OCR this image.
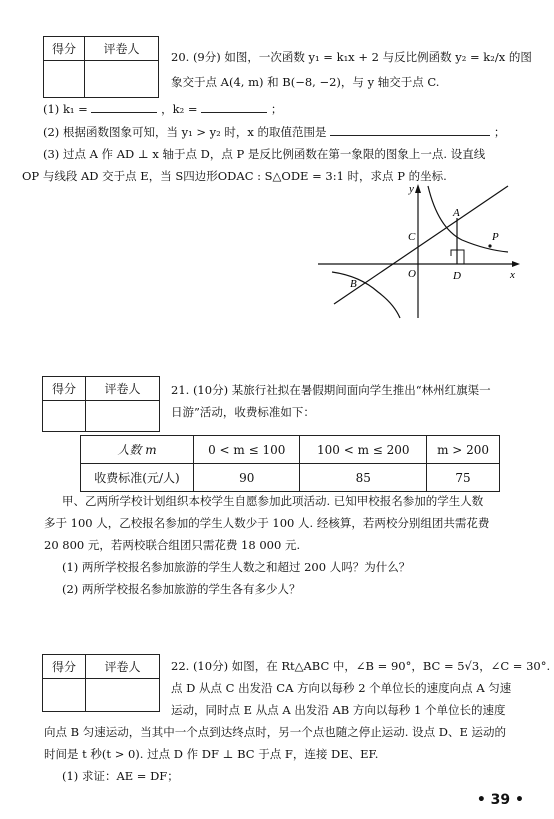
得分	评卷人

20. (9分) 如图，一次函数 y₁ = k₁x + 2 与反比例函数 y₂ = k₂/x 的图
象交于点 A(4, m) 和 B(−8, −2)，与 y 轴交于点 C.
(1) k₁ =	，k₂ =	；
(2) 根据函数图象可知，当 y₁ > y₂ 时，x 的取值范围是	；
(3) 过点 A 作 AD ⊥ x 轴于点 D，点 P 是反比例函数在第一象限的图象上一点. 设直线
OP 与线段 AD 交于点 E，当 S四边形ODAC : S△ODE = 3:1 时，求点 P 的坐标.
y
x
A
C	P
O	D
B
得分	评卷人
		21. (10分) 某旅行社拟在暑假期间面向学生推出“林州红旗渠一
日游”活动，收费标准如下：
人数 m	0 < m ≤ 100	100 < m ≤ 200	m > 200
收费标准(元/人)	90	85	75
甲、乙两所学校计划组织本校学生自愿参加此项活动. 已知甲校报名参加的学生人数
多于 100 人，乙校报名参加的学生人数少于 100 人. 经核算，若两校分别组团共需花费
20 800 元，若两校联合组团只需花费 18 000 元.
(1) 两所学校报名参加旅游的学生人数之和超过 200 人吗？为什么？
(2) 两所学校报名参加旅游的学生各有多少人？
得分	评卷人
		22. (10分) 如图，在 Rt△ABC 中，∠B = 90°，BC = 5√3，∠C = 30°.
点 D 从点 C 出发沿 CA 方向以每秒 2 个单位长的速度向点 A 匀速
运动，同时点 E 从点 A 出发沿 AB 方向以每秒 1 个单位长的速度
向点 B 匀速运动，当其中一个点到达终点时，另一个点也随之停止运动. 设点 D、E 运动的
时间是 t 秒(t > 0). 过点 D 作 DF ⊥ BC 于点 F，连接 DE、EF.
(1) 求证：AE = DF；
• 39 •
